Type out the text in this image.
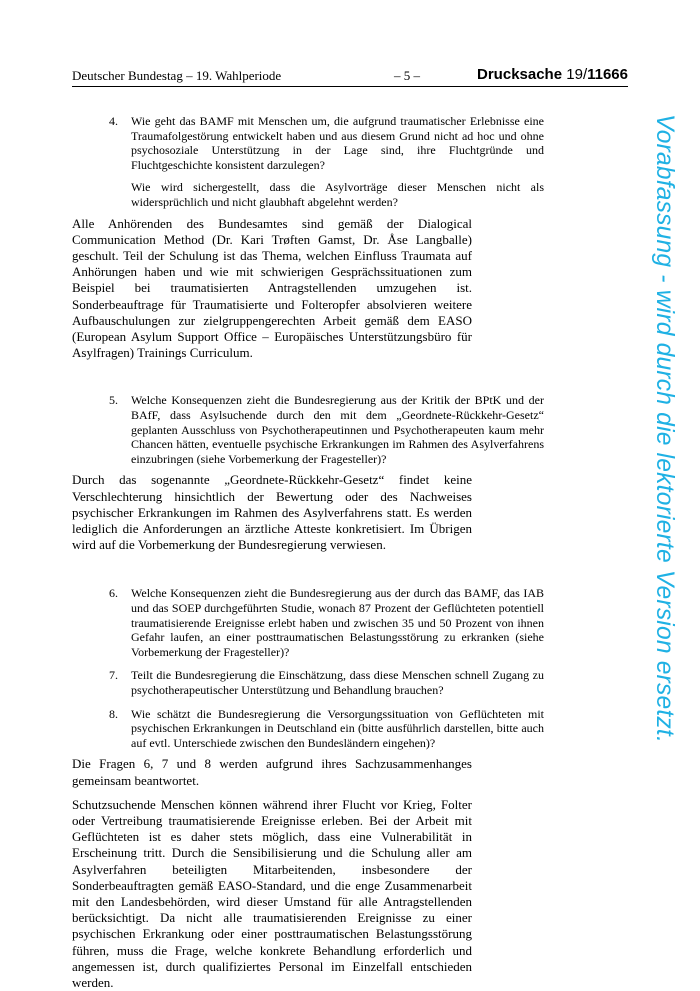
Deutscher Bundestag – 19. Wahlperiode	– 5 –	Drucksache 19/11666
4. Wie geht das BAMF mit Menschen um, die aufgrund traumatischer Erlebnisse eine Traumafolgestörung entwickelt haben und aus diesem Grund nicht ad hoc und ohne psychosoziale Unterstützung in der Lage sind, ihre Fluchtgründe und Fluchtgeschichte konsistent darzulegen?

Wie wird sichergestellt, dass die Asylvorträge dieser Menschen nicht als widersprüchlich und nicht glaubhaft abgelehnt werden?

Alle Anhörenden des Bundesamtes sind gemäß der Dialogical Communication Method (Dr. Kari Trøften Gamst, Dr. Åse Langballe) geschult. Teil der Schulung ist das Thema, welchen Einfluss Traumata auf Anhörungen haben und wie mit schwierigen Gesprächssituationen zum Beispiel bei traumatisierten Antragstellenden umzugehen ist. Sonderbeauftrage für Traumatisierte und Folteropfer absolvieren weitere Aufbauschulungen zur zielgruppengerechten Arbeit gemäß dem EASO (European Asylum Support Office – Europäisches Unterstützungsbüro für Asylfragen) Trainings Curriculum.

5. Welche Konsequenzen zieht die Bundesregierung aus der Kritik der BPtK und der BAfF, dass Asylsuchende durch den mit dem „Geordnete-Rückkehr-Gesetz“ geplanten Ausschluss von Psychotherapeutinnen und Psychotherapeuten kaum mehr Chancen hätten, eventuelle psychische Erkrankungen im Rahmen des Asylverfahrens einzubringen (siehe Vorbemerkung der Fragesteller)?

Durch das sogenannte „Geordnete-Rückkehr-Gesetz“ findet keine Verschlechterung hinsichtlich der Bewertung oder des Nachweises psychischer Erkrankungen im Rahmen des Asylverfahrens statt. Es werden lediglich die Anforderungen an ärztliche Atteste konkretisiert. Im Übrigen wird auf die Vorbemerkung der Bundesregierung verwiesen.

6. Welche Konsequenzen zieht die Bundesregierung aus der durch das BAMF, das IAB und das SOEP durchgeführten Studie, wonach 87 Prozent der Geflüchteten potentiell traumatisierende Ereignisse erlebt haben und zwischen 35 und 50 Prozent von ihnen Gefahr laufen, an einer posttraumatischen Belastungsstörung zu erkranken (siehe Vorbemerkung der Fragesteller)?

7. Teilt die Bundesregierung die Einschätzung, dass diese Menschen schnell Zugang zu psychotherapeutischer Unterstützung und Behandlung brauchen?

8. Wie schätzt die Bundesregierung die Versorgungssituation von Geflüchteten mit psychischen Erkrankungen in Deutschland ein (bitte ausführlich darstellen, bitte auch auf evtl. Unterschiede zwischen den Bundesländern eingehen)?

Die Fragen 6, 7 und 8 werden aufgrund ihres Sachzusammenhanges gemeinsam beantwortet.

Schutzsuchende Menschen können während ihrer Flucht vor Krieg, Folter oder Vertreibung traumatisierende Ereignisse erleben. Bei der Arbeit mit Geflüchteten ist es daher stets möglich, dass eine Vulnerabilität in Erscheinung tritt. Durch die Sensibilisierung und die Schulung aller am Asylverfahren beteiligten Mitarbeitenden, insbesondere der Sonderbeauftragten gemäß EASO-Standard, und die enge Zusammenarbeit mit den Landesbehörden, wird dieser Umstand für alle Antragstellenden berücksichtigt. Da nicht alle traumatisierenden Ereignisse zu einer psychischen Erkrankung oder einer posttraumatischen Belastungsstörung führen, muss die Frage, welche konkrete Behandlung erforderlich und angemessen ist, durch qualifiziertes Personal im Einzelfall entschieden werden.

Vorabfassung - wird durch die lektorierte Version ersetzt.
